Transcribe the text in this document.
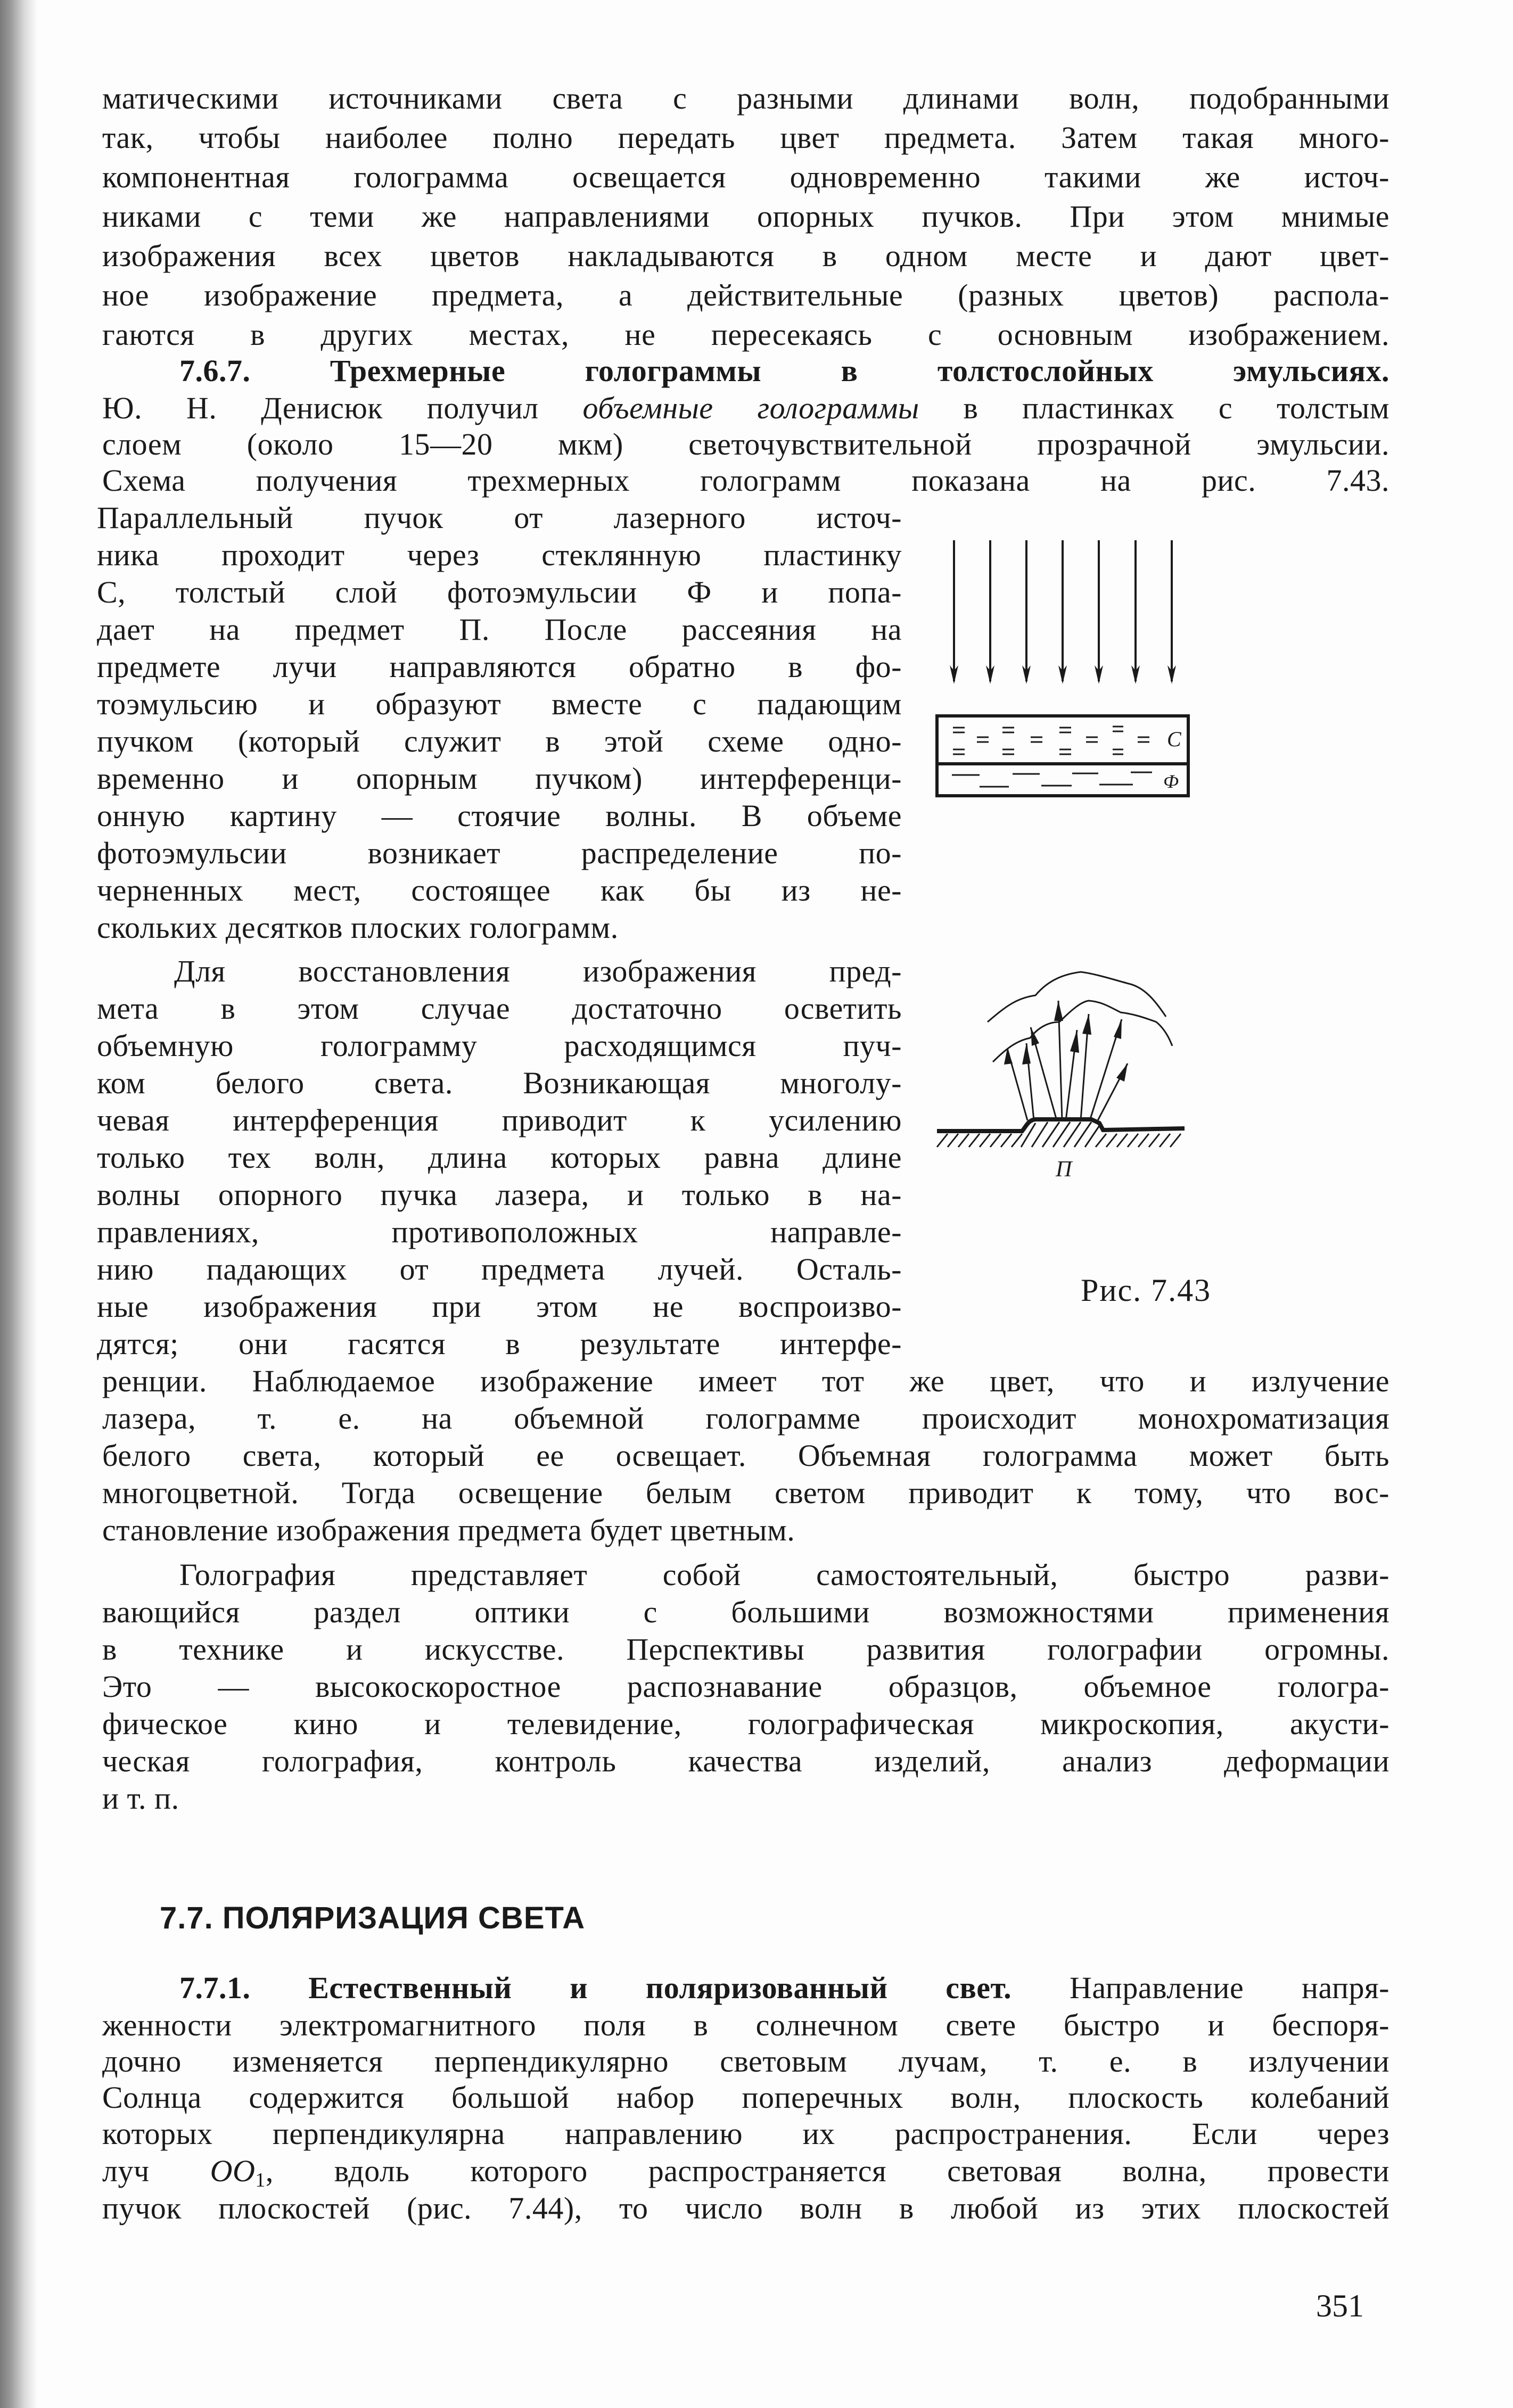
матическими источниками света с разными длинами волн, подобранными
так, чтобы наиболее полно передать цвет предмета. Затем такая много-
компонентная голограмма освещается одновременно такими же источ-
никами с теми же направлениями опорных пучков. При этом мнимые
изображения всех цветов накладываются в одном месте и дают цвет-
ное изображение предмета, а действительные (разных цветов) распола-
гаются в других местах, не пересекаясь с основным изображением.
7.6.7.	Трехмерные голограммы в толстослойных эмульсиях.
Ю. Н. Денисюк получил объемные голограммы в пластинках с толстым
слоем (около 15—20 мкм) светочувствительной прозрачной эмульсии.
Схема получения трехмерных голограмм показана на рис. 7.43.
Параллельный пучок от лазерного источ-
ника проходит через стеклянную пластинку
С, толстый слой фотоэмульсии Ф и попа-
дает на предмет П. После рассеяния на
предмете лучи направляются обратно в фо-
тоэмульсию и образуют вместе с падающим
пучком (который служит в этой схеме одно-
временно и опорным пучком) интерференци-
онную картину — стоячие волны. В объеме
фотоэмульсии возникает распределение по-
черненных мест, состоящее как бы из не-
скольких десятков плоских голограмм.
Для восстановления изображения пред-
мета в этом случае достаточно осветить
объемную голограмму расходящимся пуч-
ком белого света. Возникающая многолу-
чевая интерференция приводит к усилению
только тех волн, длина которых равна длине
волны опорного пучка лазера, и только в на-
правлениях, противоположных направле-
нию падающих от предмета лучей. Осталь-
ные изображения при этом не воспроизво-
дятся; они гасятся в результате интерфе-
ренции. Наблюдаемое изображение имеет тот же цвет, что и излучение
лазера, т. е. на объемной голограмме происходит монохроматизация
белого света, который ее освещает. Объемная голограмма может быть
многоцветной. Тогда освещение белым светом приводит к тому, что вос-
становление изображения предмета будет цветным.
Голография представляет собой самостоятельный, быстро разви-
вающийся раздел оптики с большими возможностями применения
в технике и искусстве. Перспективы развития голографии огромны.
Это — высокоскоростное распознавание образцов, объемное гологра-
фическое кино и телевидение, голографическая микроскопия, акусти-
ческая голография, контроль качества изделий, анализ деформации
и т. п.
7.7. ПОЛЯРИЗАЦИЯ СВЕТА
7.7.1. Естественный и поляризованный свет. Направление напря-
женности электромагнитного поля в солнечном свете быстро и беспоря-
дочно изменяется перпендикулярно световым лучам, т. е. в излучении
Солнца содержится большой набор поперечных волн, плоскость колебаний
которых перпендикулярна направлению их распространения. Если через
луч $OO_1$, вдоль которого распространяется световая волна, провести
пучок плоскостей (рис. 7.44), то число волн в любой из этих плоскостей
С
Ф
П
Рис. 7.43
351
